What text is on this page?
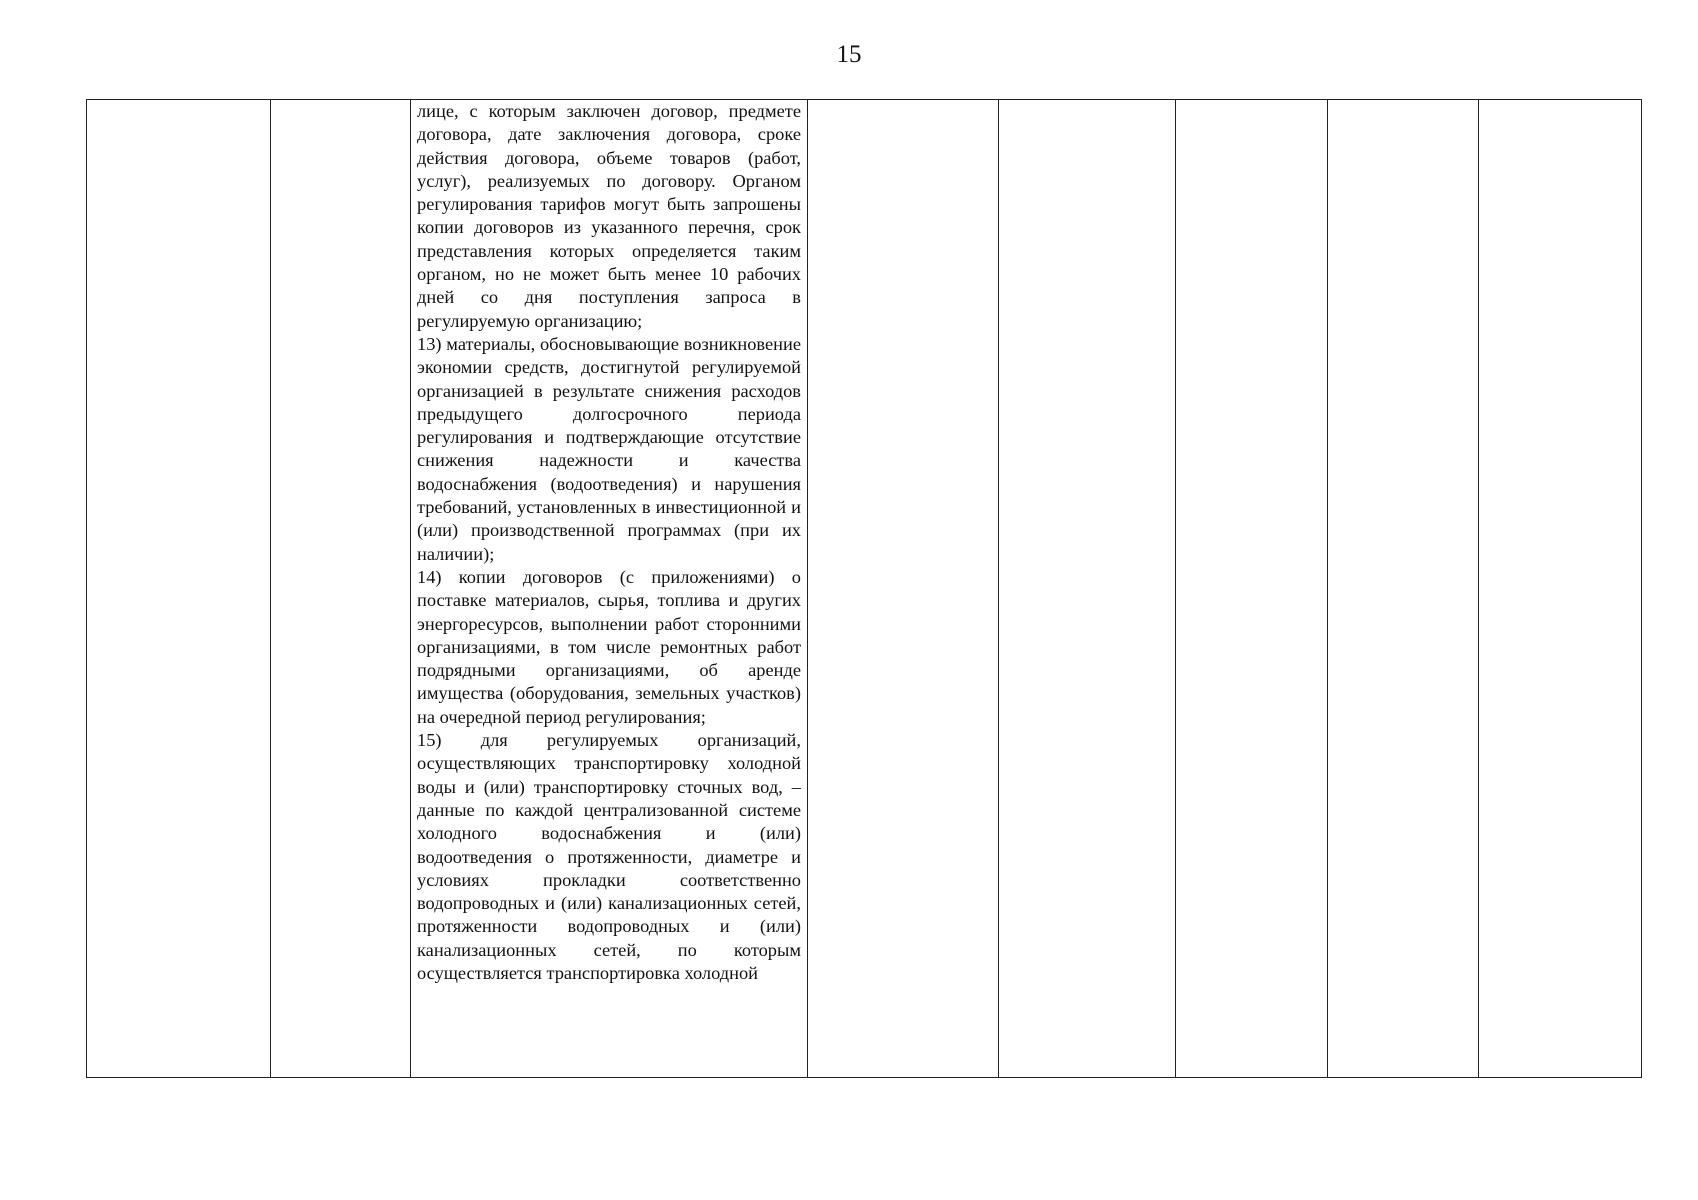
15

лице, с которым заключен договор, предмете договора, дате заключения договора, сроке действия договора, объеме товаров (работ, услуг), реализуемых по договору. Органом регулирования тарифов могут быть запрошены копии договоров из указанного перечня, срок представления которых определяется таким органом, но не может быть менее 10 рабочих дней со дня поступления запроса в регулируемую организацию;

13) материалы, обосновывающие возникновение экономии средств, достигнутой регулируемой организацией в результате снижения расходов предыдущего долгосрочного периода регулирования и подтверждающие отсутствие снижения надежности и качества водоснабжения (водоотведения) и нарушения требований, установленных в инвестиционной и (или) производственной программах (при их наличии);

14) копии договоров (с приложениями) о поставке материалов, сырья, топлива и других энергоресурсов, выполнении работ сторонними организациями, в том числе ремонтных работ подрядными организациями, об аренде имущества (оборудования, земельных участков) на очередной период регулирования;

15) для регулируемых организаций, осуществляющих транспортировку холодной воды и (или) транспортировку сточных вод, – данные по каждой централизованной системе холодного водоснабжения и (или) водоотведения о протяженности, диаметре и условиях прокладки соответственно водопроводных и (или) канализационных сетей, протяженности водопроводных и (или) канализационных сетей, по которым осуществляется транспортировка холодной
